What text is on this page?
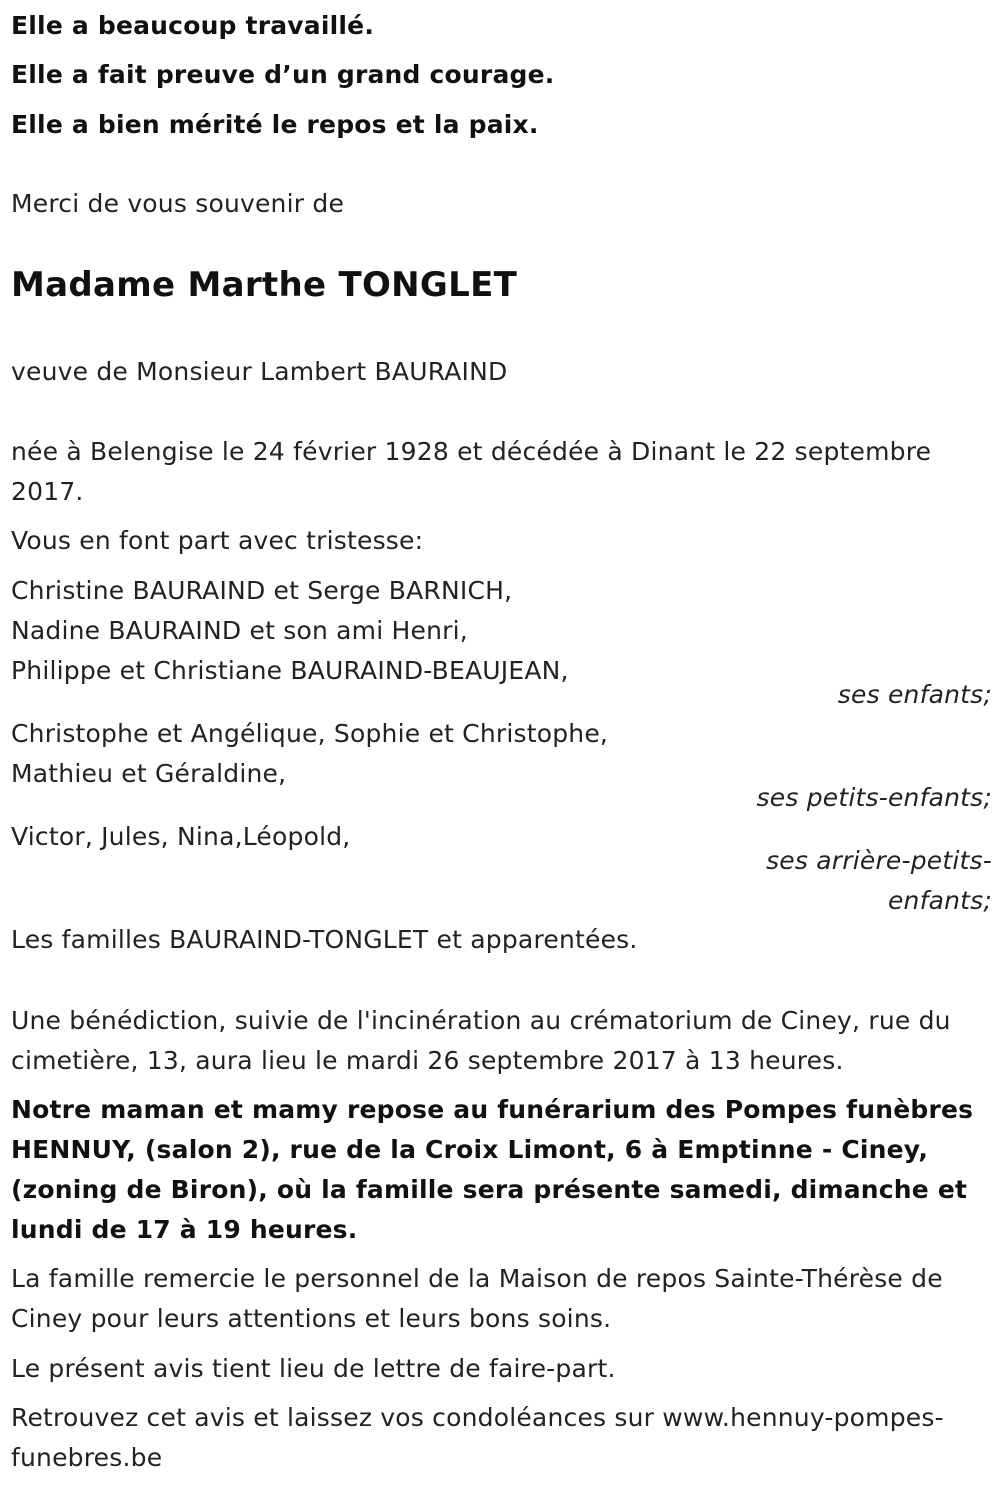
Elle a beaucoup travaillé.

Elle a fait preuve d’un grand courage.

Elle a bien mérité le repos et la paix.

Merci de vous souvenir de

Madame Marthe TONGLET

veuve de Monsieur Lambert BAURAIND

née à Belengise le 24 février 1928 et décédée à Dinant le 22 septembre

2017.

Vous en font part avec tristesse:

Christine BAURAIND et Serge BARNICH,

Nadine BAURAIND et son ami Henri,

Philippe et Christiane BAURAIND-BEAUJEAN,

ses enfants;

Christophe et Angélique, Sophie et Christophe,

Mathieu et Géraldine,

ses petits-enfants;

Victor, Jules, Nina,Léopold,

ses arrière-petits-

enfants;

Les familles BAURAIND-TONGLET et apparentées.

Une bénédiction, suivie de l'incinération au crématorium de Ciney, rue du

cimetière, 13, aura lieu le mardi 26 septembre 2017 à 13 heures.

Notre maman et mamy repose au funérarium des Pompes funèbres

HENNUY, (salon 2), rue de la Croix Limont, 6 à Emptinne - Ciney,

(zoning de Biron), où la famille sera présente samedi, dimanche et

lundi de 17 à 19 heures.

La famille remercie le personnel de la Maison de repos Sainte-Thérèse de

Ciney pour leurs attentions et leurs bons soins.

Le présent avis tient lieu de lettre de faire-part.

Retrouvez cet avis et laissez vos condoléances sur www.hennuy-pompes-

funebres.be
